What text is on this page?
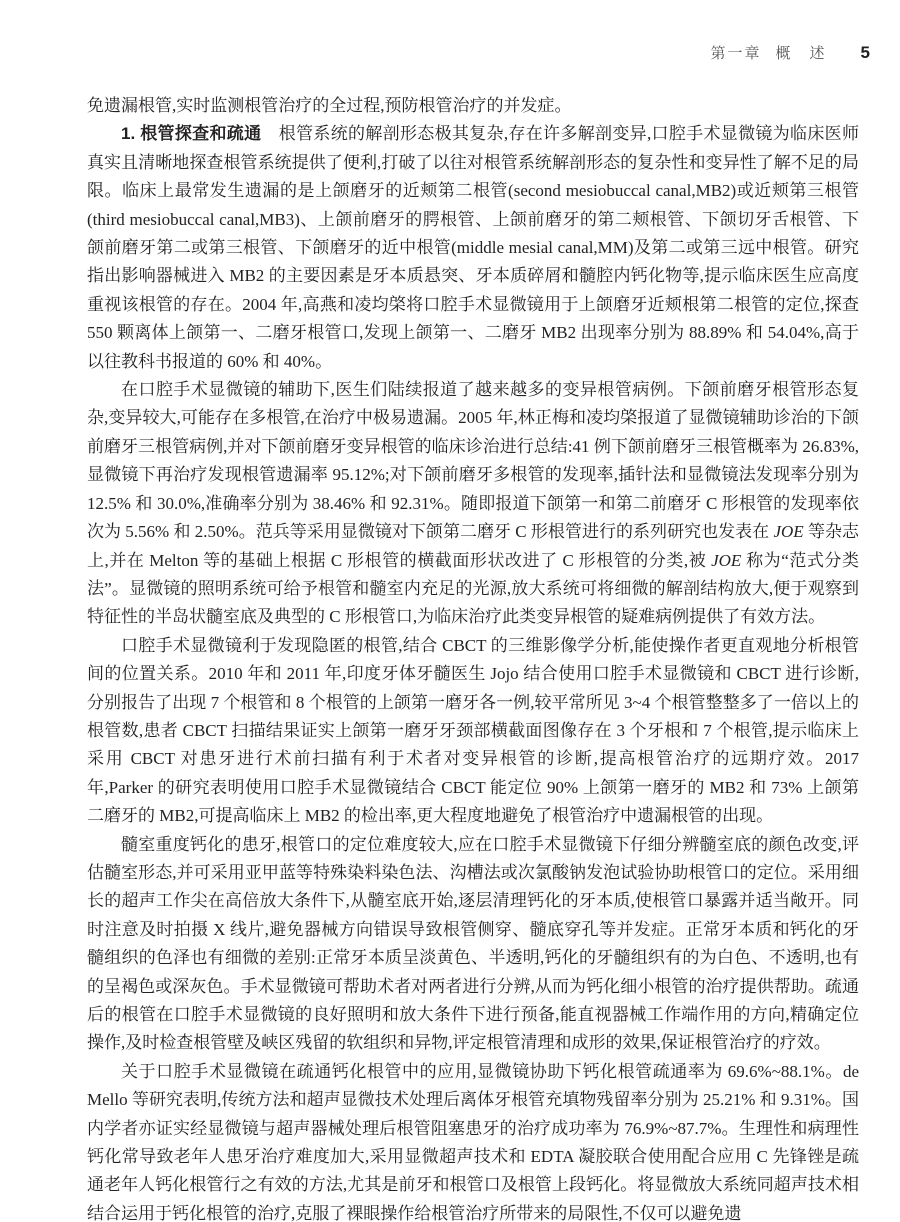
第一章 概　述 5

免遗漏根管,实时监测根管治疗的全过程,预防根管治疗的并发症。

1. 根管探查和疏通　根管系统的解剖形态极其复杂,存在许多解剖变异,口腔手术显微镜为临床医师真实且清晰地探查根管系统提供了便利,打破了以往对根管系统解剖形态的复杂性和变异性了解不足的局限。临床上最常发生遗漏的是上颌磨牙的近颊第二根管(second mesiobuccal canal,MB2)或近颊第三根管(third mesiobuccal canal,MB3)、上颌前磨牙的腭根管、上颌前磨牙的第二颊根管、下颌切牙舌根管、下颌前磨牙第二或第三根管、下颌磨牙的近中根管(middle mesial canal,MM)及第二或第三远中根管。研究指出影响器械进入 MB2 的主要因素是牙本质悬突、牙本质碎屑和髓腔内钙化物等,提示临床医生应高度重视该根管的存在。2004 年,高燕和凌均棨将口腔手术显微镜用于上颌磨牙近颊根第二根管的定位,探查 550 颗离体上颌第一、二磨牙根管口,发现上颌第一、二磨牙 MB2 出现率分别为 88.89% 和 54.04%,高于以往教科书报道的 60% 和 40%。

在口腔手术显微镜的辅助下,医生们陆续报道了越来越多的变异根管病例。下颌前磨牙根管形态复杂,变异较大,可能存在多根管,在治疗中极易遗漏。2005 年,林正梅和凌均棨报道了显微镜辅助诊治的下颌前磨牙三根管病例,并对下颌前磨牙变异根管的临床诊治进行总结:41 例下颌前磨牙三根管概率为 26.83%,显微镜下再治疗发现根管遗漏率 95.12%;对下颌前磨牙多根管的发现率,插针法和显微镜法发现率分别为 12.5% 和 30.0%,准确率分别为 38.46% 和 92.31%。随即报道下颌第一和第二前磨牙 C 形根管的发现率依次为 5.56% 和 2.50%。范兵等采用显微镜对下颌第二磨牙 C 形根管进行的系列研究也发表在 JOE 等杂志上,并在 Melton 等的基础上根据 C 形根管的横截面形状改进了 C 形根管的分类,被 JOE 称为“范式分类法”。显微镜的照明系统可给予根管和髓室内充足的光源,放大系统可将细微的解剖结构放大,便于观察到特征性的半岛状髓室底及典型的 C 形根管口,为临床治疗此类变异根管的疑难病例提供了有效方法。

口腔手术显微镜利于发现隐匿的根管,结合 CBCT 的三维影像学分析,能使操作者更直观地分析根管间的位置关系。2010 年和 2011 年,印度牙体牙髓医生 Jojo 结合使用口腔手术显微镜和 CBCT 进行诊断,分别报告了出现 7 个根管和 8 个根管的上颌第一磨牙各一例,较平常所见 3~4 个根管整整多了一倍以上的根管数,患者 CBCT 扫描结果证实上颌第一磨牙牙颈部横截面图像存在 3 个牙根和 7 个根管,提示临床上采用 CBCT 对患牙进行术前扫描有利于术者对变异根管的诊断,提高根管治疗的远期疗效。2017 年,Parker 的研究表明使用口腔手术显微镜结合 CBCT 能定位 90% 上颌第一磨牙的 MB2 和 73% 上颌第二磨牙的 MB2,可提高临床上 MB2 的检出率,更大程度地避免了根管治疗中遗漏根管的出现。

髓室重度钙化的患牙,根管口的定位难度较大,应在口腔手术显微镜下仔细分辨髓室底的颜色改变,评估髓室形态,并可采用亚甲蓝等特殊染料染色法、沟槽法或次氯酸钠发泡试验协助根管口的定位。采用细长的超声工作尖在高倍放大条件下,从髓室底开始,逐层清理钙化的牙本质,使根管口暴露并适当敞开。同时注意及时拍摄 X 线片,避免器械方向错误导致根管侧穿、髓底穿孔等并发症。正常牙本质和钙化的牙髓组织的色泽也有细微的差别:正常牙本质呈淡黄色、半透明,钙化的牙髓组织有的为白色、不透明,也有的呈褐色或深灰色。手术显微镜可帮助术者对两者进行分辨,从而为钙化细小根管的治疗提供帮助。疏通后的根管在口腔手术显微镜的良好照明和放大条件下进行预备,能直视器械工作端作用的方向,精确定位操作,及时检查根管壁及峡区残留的软组织和异物,评定根管清理和成形的效果,保证根管治疗的疗效。

关于口腔手术显微镜在疏通钙化根管中的应用,显微镜协助下钙化根管疏通率为 69.6%~88.1%。de Mello 等研究表明,传统方法和超声显微技术处理后离体牙根管充填物残留率分别为 25.21% 和 9.31%。国内学者亦证实经显微镜与超声器械处理后根管阻塞患牙的治疗成功率为 76.9%~87.7%。生理性和病理性钙化常导致老年人患牙治疗难度加大,采用显微超声技术和 EDTA 凝胶联合使用配合应用 C 先锋锉是疏通老年人钙化根管行之有效的方法,尤其是前牙和根管口及根管上段钙化。将显微放大系统同超声技术相结合运用于钙化根管的治疗,克服了裸眼操作给根管治疗所带来的局限性,不仅可以避免遗
